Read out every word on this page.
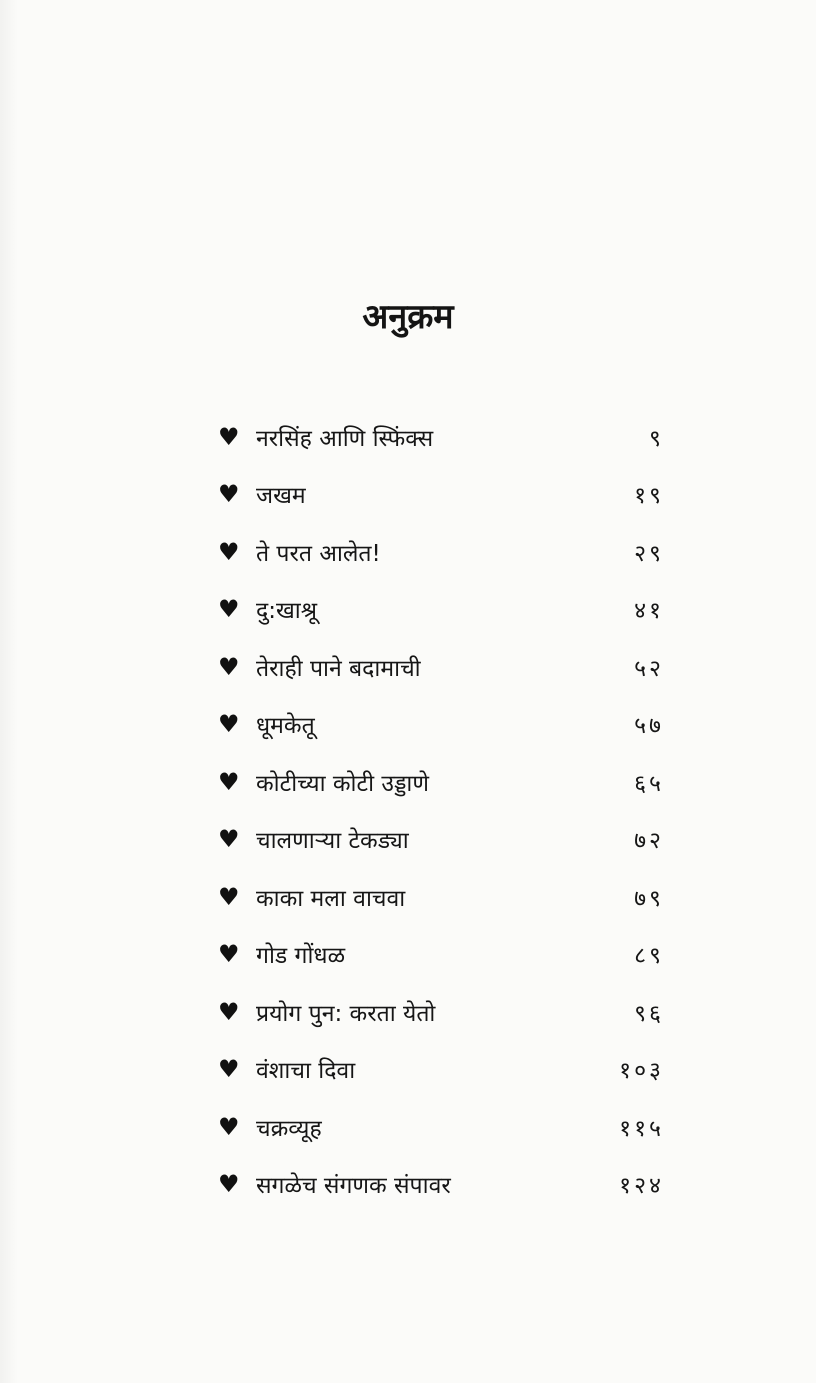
अनुक्रम
♥ नरसिंह आणि स्फिंक्स	९
♥ जखम	१९
♥ ते परत आलेत!	२९
♥ दु:खाश्रू	४१
♥ तेराही पाने बदामाची	५२
♥ धूमकेतू	५७
♥ कोटीच्या कोटी उड्डाणे	६५
♥ चालणाऱ्या टेकड्या	७२
♥ काका मला वाचवा	७९
♥ गोड गोंधळ	८९
♥ प्रयोग पुन: करता येतो	९६
♥ वंशाचा दिवा	१०३
♥ चक्रव्यूह	११५
♥ सगळेच संगणक संपावर	१२४
